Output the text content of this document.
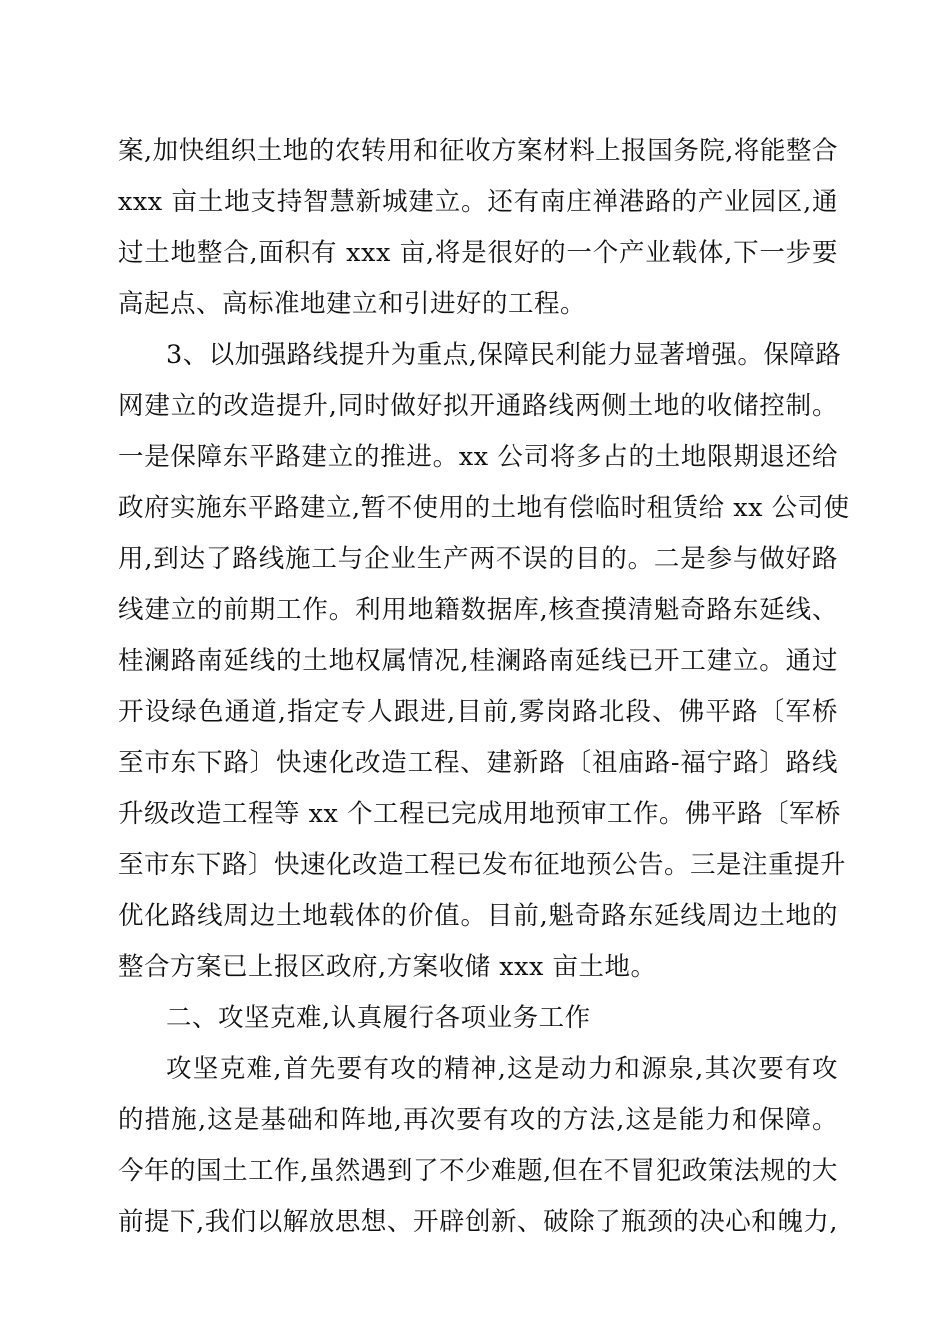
案,加快组织土地的农转用和征收方案材料上报国务院,将能整合
xxx 亩土地支持智慧新城建立。还有南庄禅港路的产业园区,通
过土地整合,面积有 xxx 亩,将是很好的一个产业载体,下一步要
高起点、高标准地建立和引进好的工程。
3、以加强路线提升为重点,保障民利能力显著增强。保障路
网建立的改造提升,同时做好拟开通路线两侧土地的收储控制。
一是保障东平路建立的推进。xx 公司将多占的土地限期退还给
政府实施东平路建立,暂不使用的土地有偿临时租赁给 xx 公司使
用,到达了路线施工与企业生产两不误的目的。二是参与做好路
线建立的前期工作。利用地籍数据库,核查摸清魁奇路东延线、
桂澜路南延线的土地权属情况,桂澜路南延线已开工建立。通过
开设绿色通道,指定专人跟进,目前,雾岗路北段、佛平路〔军桥
至市东下路〕快速化改造工程、建新路〔祖庙路-福宁路〕路线
升级改造工程等 xx 个工程已完成用地预审工作。佛平路〔军桥
至市东下路〕快速化改造工程已发布征地预公告。三是注重提升
优化路线周边土地载体的价值。目前,魁奇路东延线周边土地的
整合方案已上报区政府,方案收储 xxx 亩土地。
二、攻坚克难,认真履行各项业务工作
攻坚克难,首先要有攻的精神,这是动力和源泉,其次要有攻
的措施,这是基础和阵地,再次要有攻的方法,这是能力和保障。
今年的国土工作,虽然遇到了不少难题,但在不冒犯政策法规的大
前提下,我们以解放思想、开辟创新、破除了瓶颈的决心和魄力,
